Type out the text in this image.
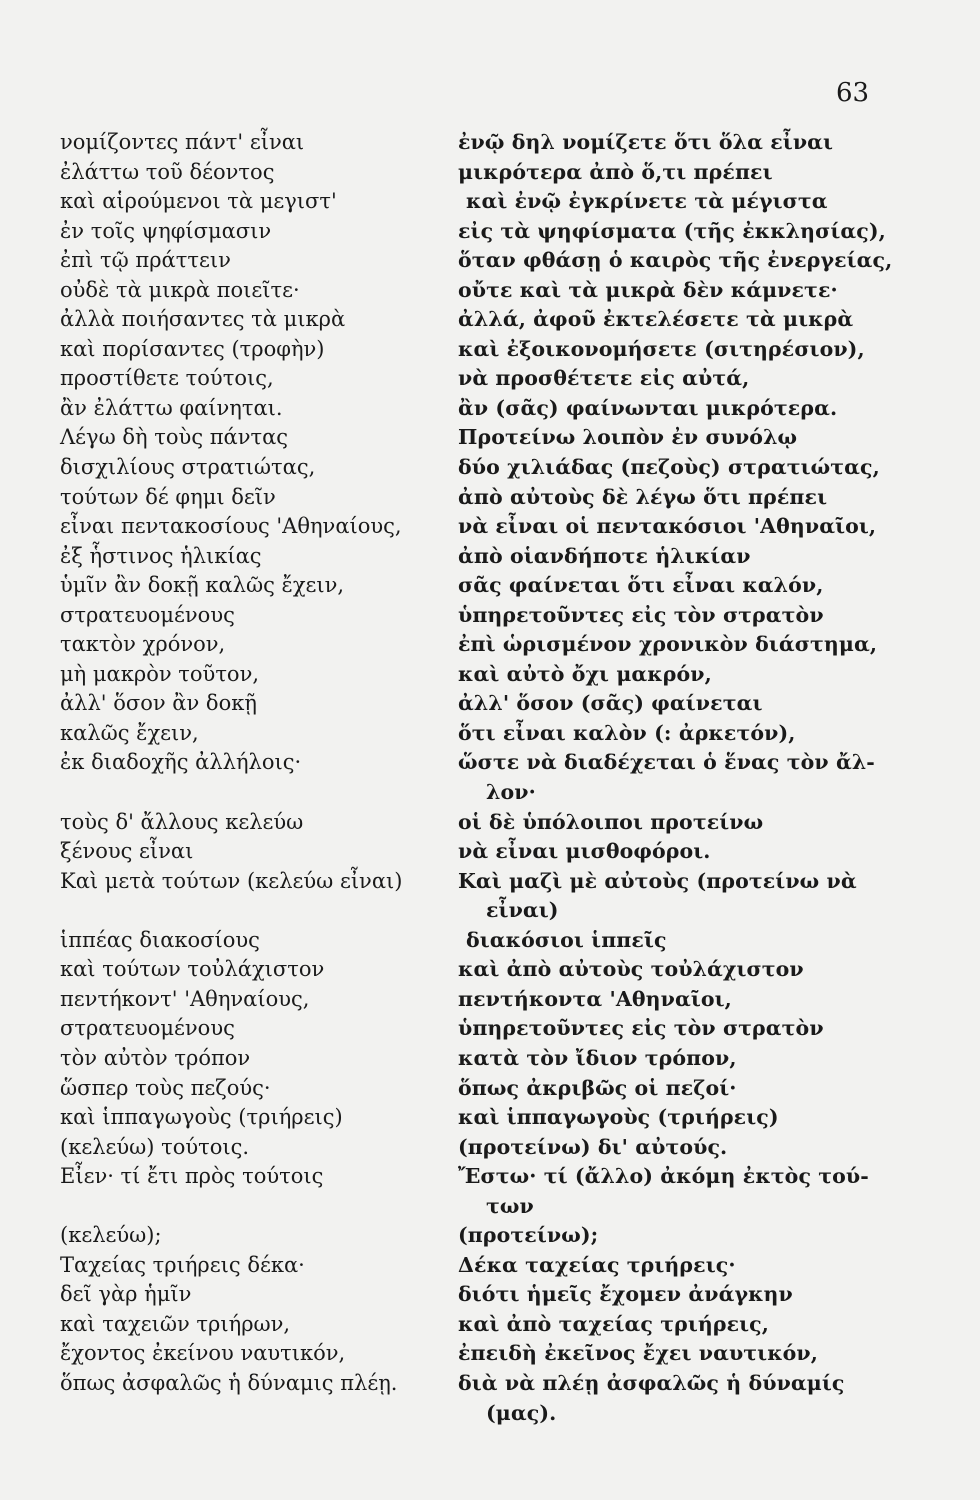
63
νομίζοντες πάντ' εἶναι
ἐλάττω τοῦ δέοντος
καὶ αἱρούμενοι τὰ μεγιστ'
ἐν τοῖς ψηφίσμασιν
ἐπὶ τῷ πράττειν
οὐδὲ τὰ μικρὰ ποιεῖτε·
ἀλλὰ ποιήσαντες τὰ μικρὰ
καὶ πορίσαντες (τροφὴν)
προστίθετε τούτοις,
ἂν ἐλάττω φαίνηται.
Λέγω δὴ τοὺς πάντας
δισχιλίους στρατιώτας,
τούτων δέ φημι δεῖν
εἶναι πεντακοσίους 'Αθηναίους,
ἐξ ἧστινος ἡλικίας
ὑμῖν ἂν δοκῇ καλῶς ἔχειν,
στρατευομένους
τακτὸν χρόνον,
μὴ μακρὸν τοῦτον,
ἀλλ' ὅσον ἂν δοκῇ
καλῶς ἔχειν,
ἐκ διαδοχῆς ἀλλήλοις·
τοὺς δ' ἄλλους κελεύω
ξένους εἶναι
Καὶ μετὰ τούτων (κελεύω εἶναι)
ἱππέας διακοσίους
καὶ τούτων τοὐλάχιστον
πεντήκοντ' 'Αθηναίους,
στρατευομένους
τὸν αὐτὸν τρόπον
ὥσπερ τοὺς πεζούς·
καὶ ἱππαγωγοὺς (τριήρεις)
(κελεύω) τούτοις.
Εἶεν· τί ἔτι πρὸς τούτοις
(κελεύω);
Ταχείας τριήρεις δέκα·
δεῖ γὰρ ἡμῖν
καὶ ταχειῶν τριήρων,
ἔχοντος ἐκείνου ναυτικόν,
ὅπως ἀσφαλῶς ἡ δύναμις πλέῃ.
ἐνῷ δηλ νομίζετε ὅτι ὅλα εἶναι
μικρότερα ἀπὸ ὅ,τι πρέπει
καὶ ἐνῷ ἐγκρίνετε τὰ μέγιστα
εἰς τὰ ψηφίσματα (τῆς ἐκκλησίας),
ὅταν φθάσῃ ὁ καιρὸς τῆς ἐνεργείας,
οὔτε καὶ τὰ μικρὰ δὲν κάμνετε·
ἀλλά, ἀφοῦ ἐκτελέσετε τὰ μικρὰ
καὶ ἐξοικονομήσετε (σιτηρέσιον),
νὰ προσθέτετε εἰς αὐτά,
ἂν (σᾶς) φαίνωνται μικρότερα.
Προτείνω λοιπὸν ἐν συνόλῳ
δύο χιλιάδας (πεζοὺς) στρατιώτας,
ἀπὸ αὐτοὺς δὲ λέγω ὅτι πρέπει
νὰ εἶναι οἱ πεντακόσιοι 'Αθηναῖοι,
ἀπὸ οἱανδήποτε ἡλικίαν
σᾶς φαίνεται ὅτι εἶναι καλόν,
ὑπηρετοῦντες εἰς τὸν στρατὸν
ἐπὶ ὡρισμένον χρονικὸν διάστημα,
καὶ αὐτὸ ὄχι μακρόν,
ἀλλ' ὅσον (σᾶς) φαίνεται
ὅτι εἶναι καλὸν (: ἀρκετόν),
ὥστε νὰ διαδέχεται ὁ ἕνας τὸν ἄλ-
λον·
οἱ δὲ ὑπόλοιποι προτείνω
νὰ εἶναι μισθοφόροι.
Καὶ μαζὶ μὲ αὐτοὺς (προτείνω νὰ
εἶναι)
διακόσιοι ἱππεῖς
καὶ ἀπὸ αὐτοὺς τοὐλάχιστον
πεντήκοντα 'Αθηναῖοι,
ὑπηρετοῦντες εἰς τὸν στρατὸν
κατὰ τὸν ἴδιον τρόπον,
ὅπως ἀκριβῶς οἱ πεζοί·
καὶ ἱππαγωγοὺς (τριήρεις)
(προτείνω) δι' αὐτούς.
Ἔστω· τί (ἄλλο) ἀκόμη ἐκτὸς τού-
των
(προτείνω);
Δέκα ταχείας τριήρεις·
διότι ἡμεῖς ἔχομεν ἀνάγκην
καὶ ἀπὸ ταχείας τριήρεις,
ἐπειδὴ ἐκεῖνος ἔχει ναυτικόν,
διὰ νὰ πλέῃ ἀσφαλῶς ἡ δύναμίς
(μας).
